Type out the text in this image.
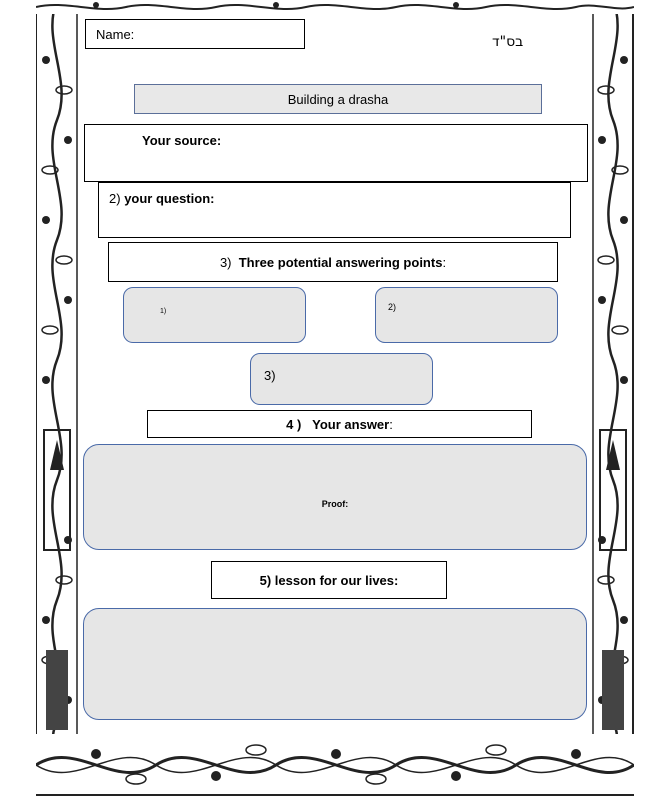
Name:	בס"ד
Building a drasha
Your source:
2) your question:
3)
Three potential answering points :
1)	2)
3)
4 )
Your answer :
Proof:
5) lesson for our lives:
